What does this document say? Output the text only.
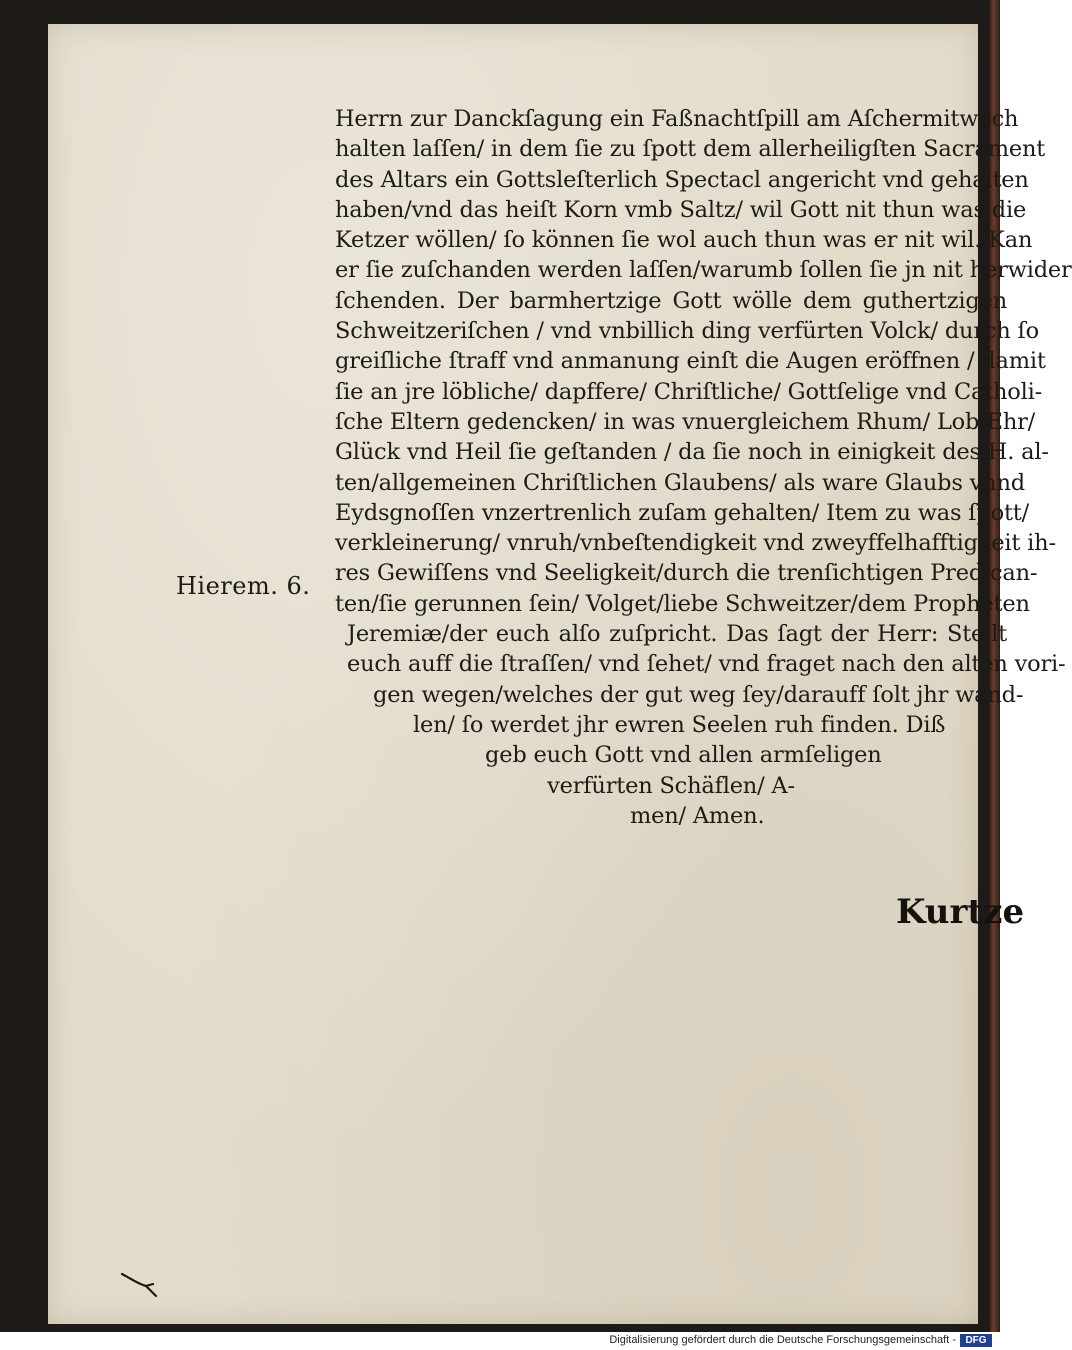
Hierem. 6.
Herrn zur Danckſagung ein Faßnachtſpill am Aſchermitwoch
halten laſſen/ in dem ſie zu ſpott dem allerheiligſten Sacrament
des Altars ein Gottsleſterlich Spectacl angericht vnd gehalten
haben/vnd das heiſt Korn vmb Saltz/ wil Gott nit thun was die
Ketzer wöllen/ ſo können ſie wol auch thun was er nit wil. Kan
er ſie zuſchanden werden laſſen/warumb ſollen ſie jn nit herwider
ſchenden. Der barmhertzige Gott wölle dem guthertzigen
Schweitzeriſchen / vnd vnbillich ding verfürten Volck/ durch ſo
greiſliche ſtraff vnd anmanung einſt die Augen eröffnen / damit
ſie an jre löbliche/ dapffere/ Chriſtliche/ Gottſelige vnd Catholi-
ſche Eltern gedencken/ in was vnuergleichem Rhum/ Lob/Ehr/
Glück vnd Heil ſie geſtanden / da ſie noch in einigkeit des H. al-
ten/allgemeinen Chriſtlichen Glaubens/ als ware Glaubs vnnd
Eydsgnoſſen vnzertrenlich zuſam gehalten/ Item zu was ſpott/
verkleinerung/ vnruh/vnbeſtendigkeit vnd zweyffelhafftigkeit ih-
res Gewiſſens vnd Seeligkeit/durch die trenſichtigen Predican-
ten/ſie gerunnen ſein/ Volget/liebe Schweitzer/dem Propheten
Jeremiæ/der euch alſo zuſpricht. Das ſagt der Herr: Stellt
euch auff die ſtraſſen/ vnd ſehet/ vnd fraget nach den alten vori-
gen wegen/welches der gut weg ſey/darauff ſolt jhr wand-
len/ ſo werdet jhr ewren Seelen ruh finden. Diß
geb euch Gott vnd allen armſeligen
verfürten Schäflen/ A-
men/ Amen.
Kurtze
Digitalisierung gefördert durch die Deutsche Forschungsgemeinschaft - DFG
